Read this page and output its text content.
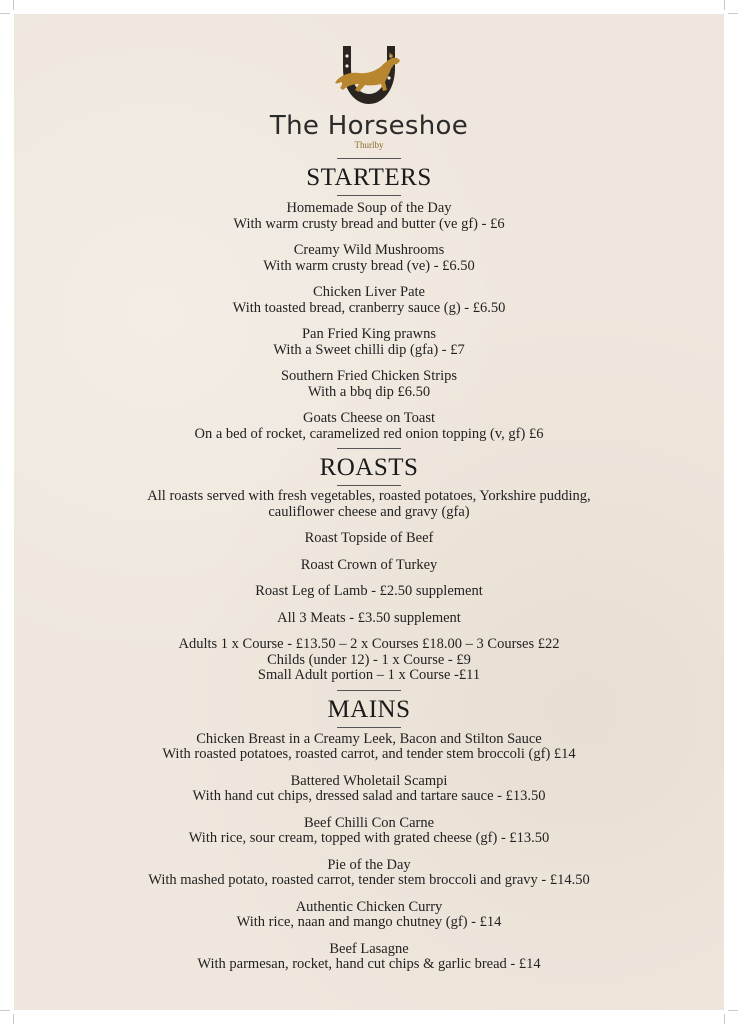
The Horseshoe
Thurlby
STARTERS
Homemade Soup of the Day
With warm crusty bread and butter (ve gf) - £6
Creamy Wild Mushrooms
With warm crusty bread (ve) - £6.50
Chicken Liver Pate
With toasted bread, cranberry sauce (g) - £6.50
Pan Fried King prawns
With a Sweet chilli dip (gfa) - £7
Southern Fried Chicken Strips
With a bbq dip £6.50
Goats Cheese on Toast
On a bed of rocket, caramelized red onion topping (v, gf) £6
ROASTS
All roasts served with fresh vegetables, roasted potatoes, Yorkshire pudding,
cauliflower cheese and gravy (gfa)
Roast Topside of Beef
Roast Crown of Turkey
Roast Leg of Lamb - £2.50 supplement
All 3 Meats - £3.50 supplement
Adults 1 x Course - £13.50 – 2 x Courses £18.00 – 3 Courses £22
Childs (under 12) - 1 x Course - £9
Small Adult portion – 1 x Course -£11
MAINS
Chicken Breast in a Creamy Leek, Bacon and Stilton Sauce
With roasted potatoes, roasted carrot, and tender stem broccoli (gf) £14
Battered Wholetail Scampi
With hand cut chips, dressed salad and tartare sauce - £13.50
Beef Chilli Con Carne
With rice, sour cream, topped with grated cheese (gf) - £13.50
Pie of the Day
With mashed potato, roasted carrot, tender stem broccoli and gravy - £14.50
Authentic Chicken Curry
With rice, naan and mango chutney (gf) - £14
Beef Lasagne
With parmesan, rocket, hand cut chips & garlic bread - £14
